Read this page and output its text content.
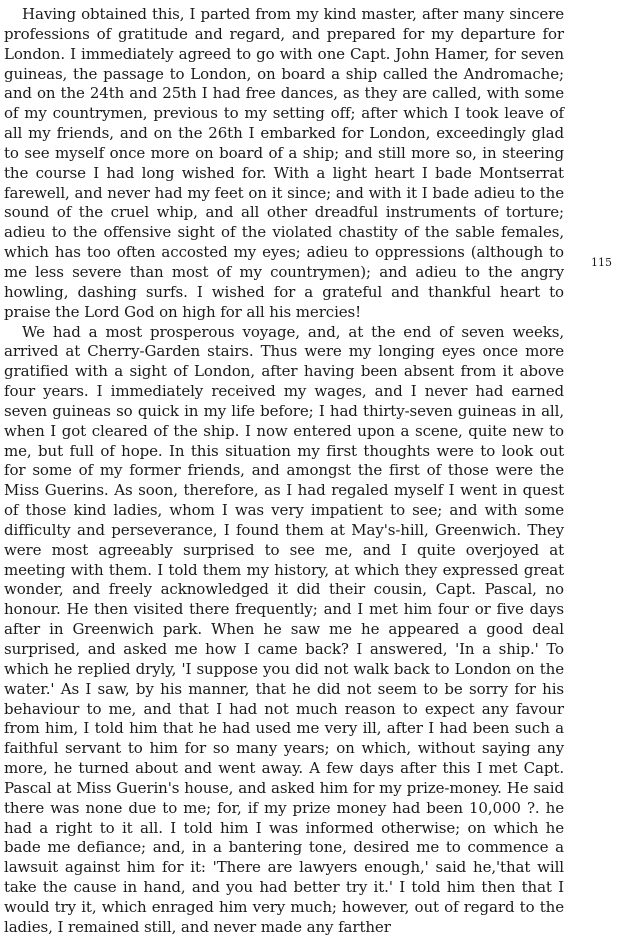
Having obtained this, I parted from my kind master, after many sincere professions of gratitude and regard, and prepared for my departure for London. I immediately agreed to go with one Capt. John Hamer, for seven guineas, the passage to London, on board a ship called the Andromache; and on the 24th and 25th I had free dances, as they are called, with some of my countrymen, previous to my setting off; after which I took leave of all my friends, and on the 26th I embarked for London, exceedingly glad to see myself once more on board of a ship; and still more so, in steering the course I had long wished for. With a light heart I bade Montserrat farewell, and never had my feet on it since; and with it I bade adieu to the sound of the cruel whip, and all other dreadful instruments of torture; adieu to the offensive sight of the violated chastity of the sable females, which has too often accosted my eyes; adieu to oppressions (although to me less severe than most of my countrymen); and adieu to the angry howling, dashing surfs. I wished for a grateful and thankful heart to praise the Lord God on high for all his mercies!

We had a most prosperous voyage, and, at the end of seven weeks, arrived at Cherry-Garden stairs. Thus were my longing eyes once more gratified with a sight of London, after having been absent from it above four years. I immediately received my wages, and I never had earned seven guineas so quick in my life before; I had thirty-seven guineas in all, when I got cleared of the ship. I now entered upon a scene, quite new to me, but full of hope. In this situation my first thoughts were to look out for some of my former friends, and amongst the first of those were the Miss Guerins. As soon, therefore, as I had regaled myself I went in quest of those kind ladies, whom I was very impatient to see; and with some difficulty and perseverance, I found them at May's-hill, Greenwich. They were most agreeably surprised to see me, and I quite overjoyed at meeting with them. I told them my history, at which they expressed great wonder, and freely acknowledged it did their cousin, Capt. Pascal, no honour. He then visited there frequently; and I met him four or five days after in Greenwich park. When he saw me he appeared a good deal surprised, and asked me how I came back? I answered, 'In a ship.' To which he replied dryly, 'I suppose you did not walk back to London on the water.' As I saw, by his manner, that he did not seem to be sorry for his behaviour to me, and that I had not much reason to expect any favour from him, I told him that he had used me very ill, after I had been such a faithful servant to him for so many years; on which, without saying any more, he turned about and went away. A few days after this I met Capt. Pascal at Miss Guerin's house, and asked him for my prize-money. He said there was none due to me; for, if my prize money had been 10,000 ?. he had a right to it all. I told him I was informed otherwise; on which he bade me defiance; and, in a bantering tone, desired me to commence a lawsuit against him for it: 'There are lawyers enough,' said he,'that will take the cause in hand, and you had better try it.' I told him then that I would try it, which enraged him very much; however, out of regard to the ladies, I remained still, and never made any farther

115
